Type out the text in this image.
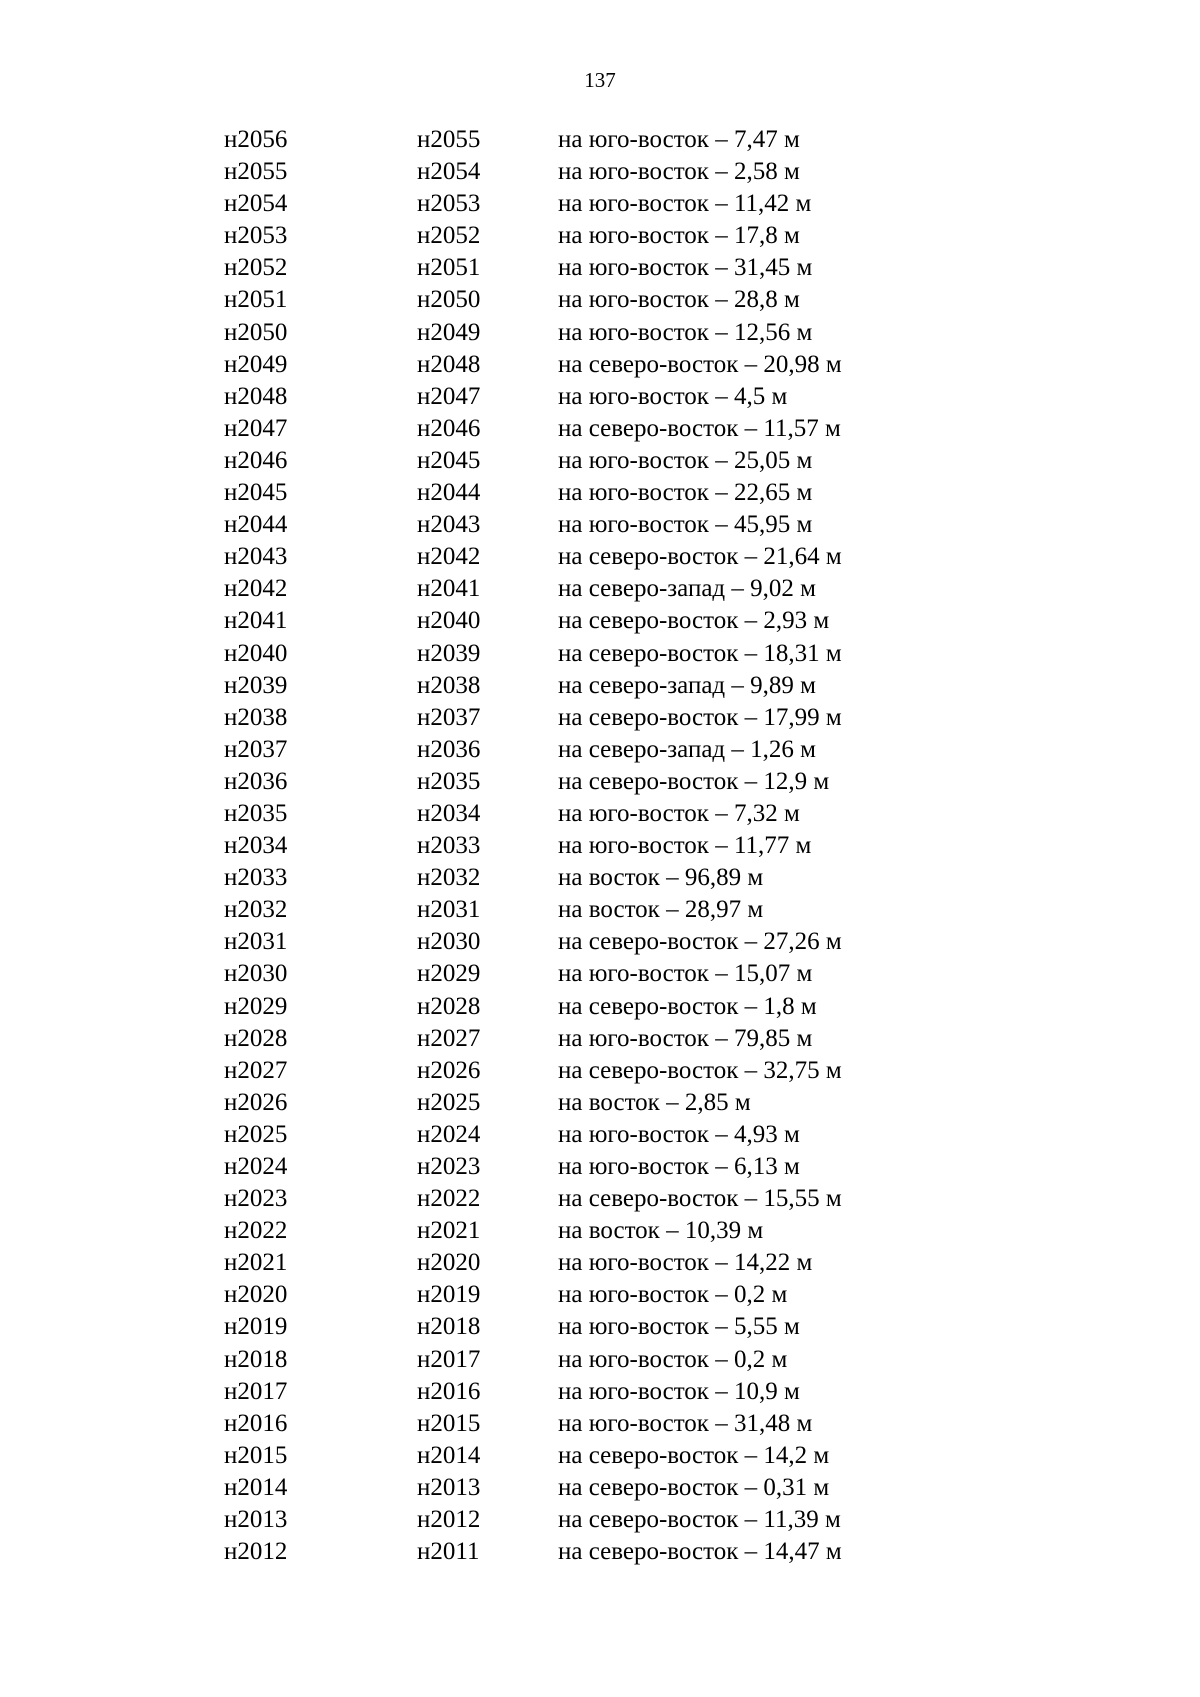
137
н2056	н2055	на юго-восток – 7,47 м
н2055	н2054	на юго-восток – 2,58 м
н2054	н2053	на юго-восток – 11,42 м
н2053	н2052	на юго-восток – 17,8 м
н2052	н2051	на юго-восток – 31,45 м
н2051	н2050	на юго-восток – 28,8 м
н2050	н2049	на юго-восток – 12,56 м
н2049	н2048	на северо-восток – 20,98 м
н2048	н2047	на юго-восток – 4,5 м
н2047	н2046	на северо-восток – 11,57 м
н2046	н2045	на юго-восток – 25,05 м
н2045	н2044	на юго-восток – 22,65 м
н2044	н2043	на юго-восток – 45,95 м
н2043	н2042	на северо-восток – 21,64 м
н2042	н2041	на северо-запад – 9,02 м
н2041	н2040	на северо-восток – 2,93 м
н2040	н2039	на северо-восток – 18,31 м
н2039	н2038	на северо-запад – 9,89 м
н2038	н2037	на северо-восток – 17,99 м
н2037	н2036	на северо-запад – 1,26 м
н2036	н2035	на северо-восток – 12,9 м
н2035	н2034	на юго-восток – 7,32 м
н2034	н2033	на юго-восток – 11,77 м
н2033	н2032	на восток – 96,89 м
н2032	н2031	на восток – 28,97 м
н2031	н2030	на северо-восток – 27,26 м
н2030	н2029	на юго-восток – 15,07 м
н2029	н2028	на северо-восток – 1,8 м
н2028	н2027	на юго-восток – 79,85 м
н2027	н2026	на северо-восток – 32,75 м
н2026	н2025	на восток – 2,85 м
н2025	н2024	на юго-восток – 4,93 м
н2024	н2023	на юго-восток – 6,13 м
н2023	н2022	на северо-восток – 15,55 м
н2022	н2021	на восток – 10,39 м
н2021	н2020	на юго-восток – 14,22 м
н2020	н2019	на юго-восток – 0,2 м
н2019	н2018	на юго-восток – 5,55 м
н2018	н2017	на юго-восток – 0,2 м
н2017	н2016	на юго-восток – 10,9 м
н2016	н2015	на юго-восток – 31,48 м
н2015	н2014	на северо-восток – 14,2 м
н2014	н2013	на северо-восток – 0,31 м
н2013	н2012	на северо-восток – 11,39 м
н2012	н2011	на северо-восток – 14,47 м
